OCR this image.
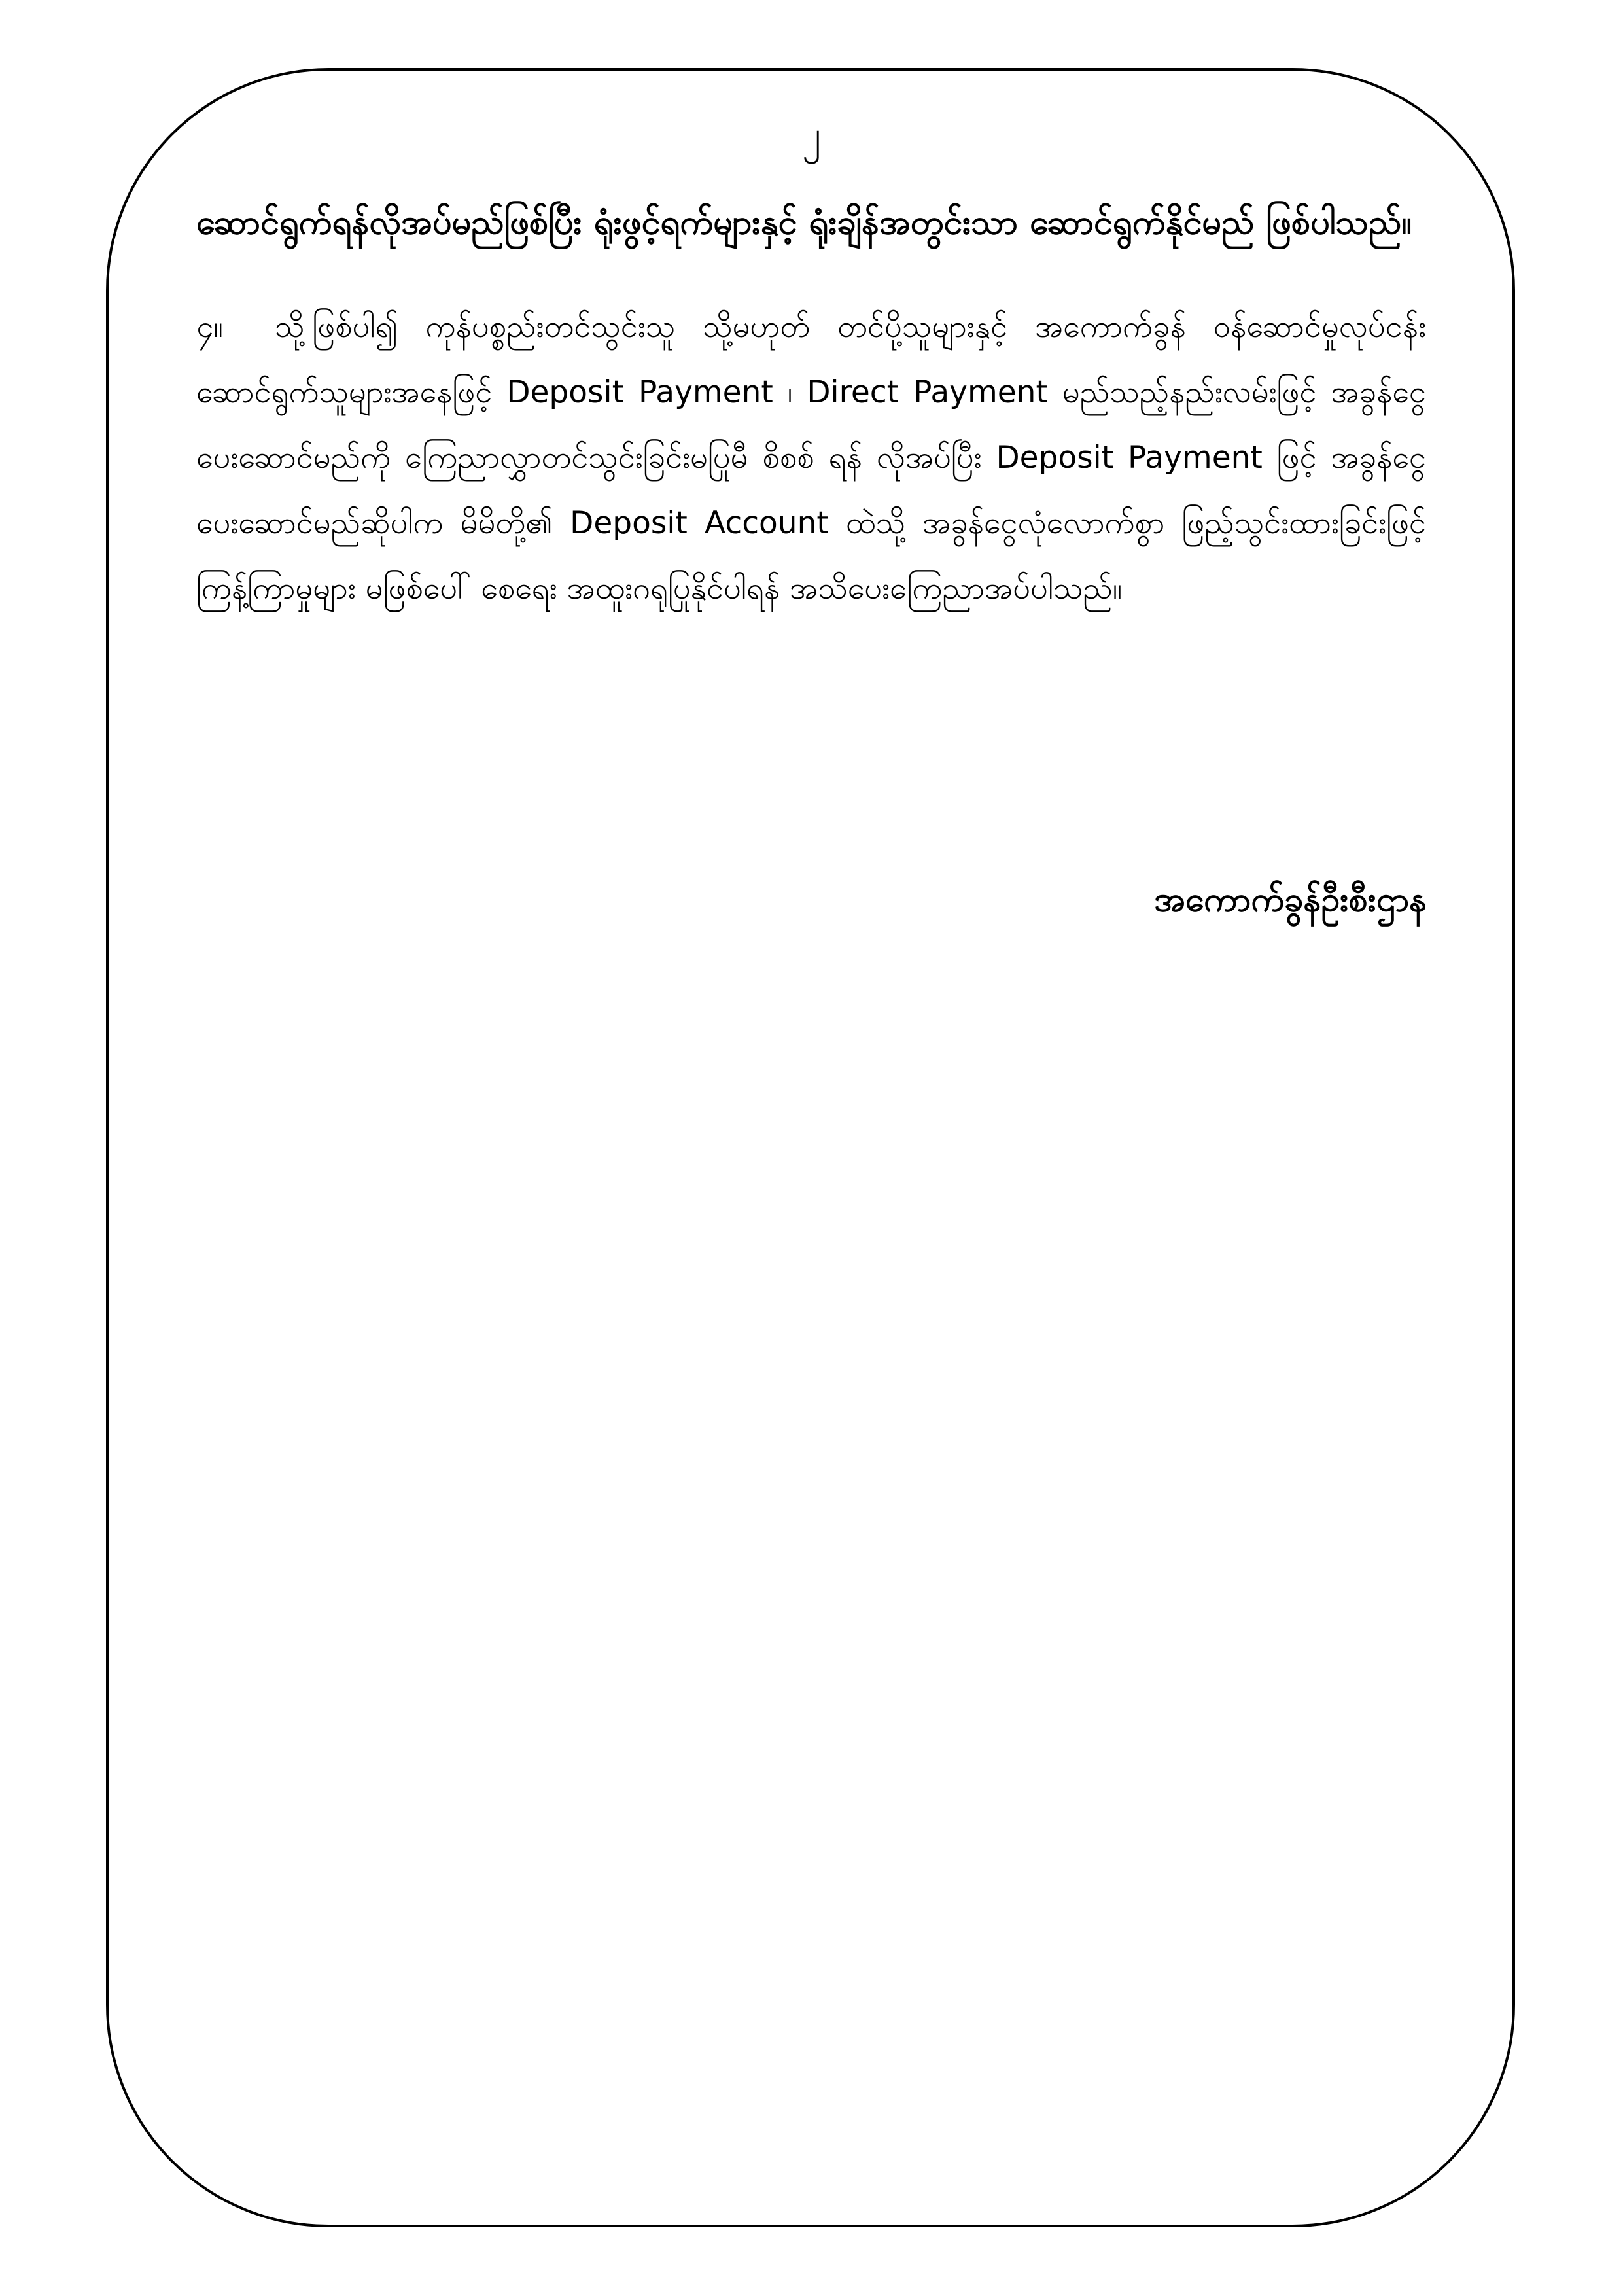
၂

ဆောင်ရွက်ရန်လိုအပ်မည်ဖြစ်ပြီး ရုံးဖွင့်ရက်များနှင့် ရုံးချိန်အတွင်းသာ ဆောင်ရွက်နိုင်မည် ဖြစ်ပါသည်။

၄။ သို့ဖြစ်ပါ၍ ကုန်ပစ္စည်းတင်သွင်းသူ သို့မဟုတ် တင်ပို့သူများနှင့် အကောက်ခွန် ဝန်ဆောင်မှုလုပ်ငန်းဆောင်ရွက်သူများအနေဖြင့် Deposit Payment ၊ Direct Payment မည်သည့်နည်းလမ်းဖြင့် အခွန်ငွေပေးဆောင်မည်ကို ကြေညာလွှာတင်သွင်းခြင်းမပြုမီ စိစစ် ရန် လိုအပ်ပြီး Deposit Payment ဖြင့် အခွန်ငွေပေးဆောင်မည်ဆိုပါက မိမိတို့၏ Deposit Account ထဲသို့ အခွန်ငွေလုံလောက်စွာ ဖြည့်သွင်းထားခြင်းဖြင့် ကြန့်ကြာမှုများ မဖြစ်ပေါ် စေရေး အထူးဂရုပြုနိုင်ပါရန် အသိပေးကြေညာအပ်ပါသည်။

အကောက်ခွန်ဦးစီးဌာန
